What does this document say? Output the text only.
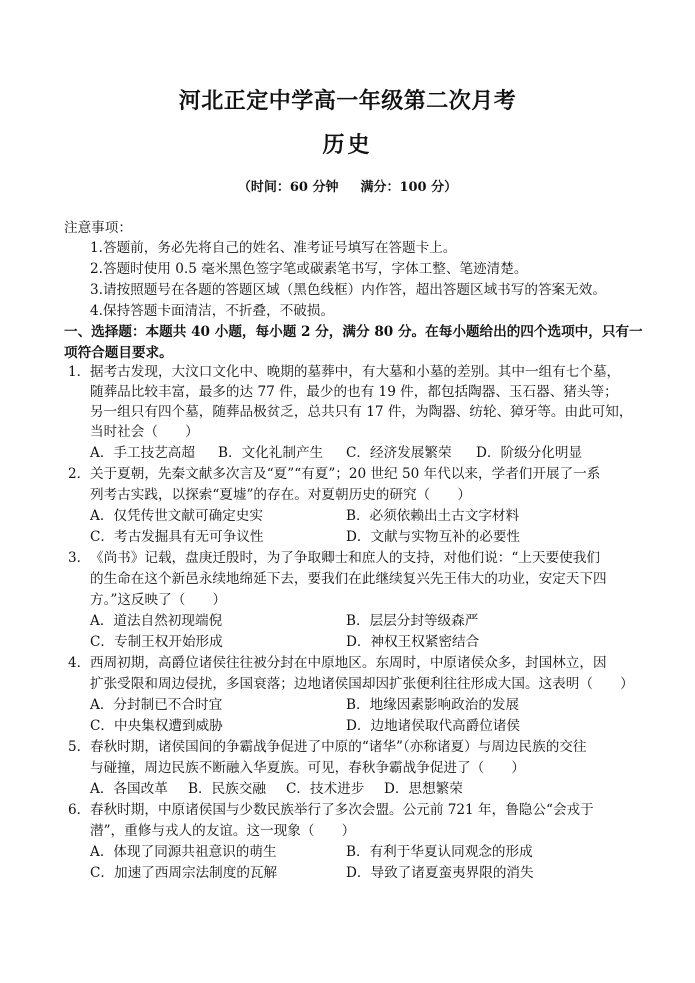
河北正定中学高一年级第二次月考
历史
（时间：60 分钟 满分：100 分）
注意事项：
1.答题前，务必先将自己的姓名、准考证号填写在答题卡上。
2.答题时使用 0.5 毫米黑色签字笔或碳素笔书写，字体工整、笔迹清楚。
3.请按照题号在各题的答题区域（黑色线框）内作答，超出答题区域书写的答案无效。
4.保持答题卡面清洁，不折叠，不破损。
一、选择题：本题共 40 小题，每小题 2 分，满分 80 分。在每小题给出的四个选项中，只有一
项符合题目要求。
1． 据考古发现，大汶口文化中、晚期的墓葬中，有大墓和小墓的差别。其中一组有七个墓，
随葬品比较丰富，最多的达 77 件，最少的也有 19 件，都包括陶器、玉石器、猪头等；
另一组只有四个墓，随葬品极贫乏，总共只有 17 件，为陶器、纺轮、獐牙等。由此可知，
当时社会（　　）
A．手工技艺高超 B．文化礼制产生 C．经济发展繁荣 D．阶级分化明显
2． 关于夏朝，先秦文献多次言及“夏”“有夏”；20 世纪 50 年代以来，学者们开展了一系
列考古实践，以探索“夏墟”的存在。对夏朝历史的研究（　　）
A．仅凭传世文献可确定史实	B．必须依赖出土古文字材料
C．考古发掘具有无可争议性	D．文献与实物互补的必要性
3． 《尚书》记载，盘庚迁殷时，为了争取卿士和庶人的支持，对他们说：“上天要使我们
的生命在这个新邑永续地绵延下去，要我们在此继续复兴先王伟大的功业，安定天下四
方。”这反映了（　　）
A．道法自然初现端倪	B．层层分封等级森严
C．专制王权开始形成	D．神权王权紧密结合
4． 西周初期，高爵位诸侯往往被分封在中原地区。东周时，中原诸侯众多，封国林立，因
扩张受限和周边侵扰，多国衰落；边地诸侯国却因扩张便利往往形成大国。这表明（　　）
A．分封制已不合时宜	B．地缘因素影响政治的发展
C．中央集权遭到威胁	D．边地诸侯取代高爵位诸侯
5． 春秋时期，诸侯国间的争霸战争促进了中原的“诸华”（亦称诸夏）与周边民族的交往
与碰撞，周边民族不断融入华夏族。可见，春秋争霸战争促进了（　　）
A．各国改革 B．民族交融 C．技术进步 D．思想繁荣
6． 春秋时期，中原诸侯国与少数民族举行了多次会盟。公元前 721 年，鲁隐公“会戎于
潜”，重修与戎人的友谊。这一现象（　　）
A．体现了同源共祖意识的萌生	B．有利于华夏认同观念的形成
C．加速了西周宗法制度的瓦解	D．导致了诸夏蛮夷界限的消失
